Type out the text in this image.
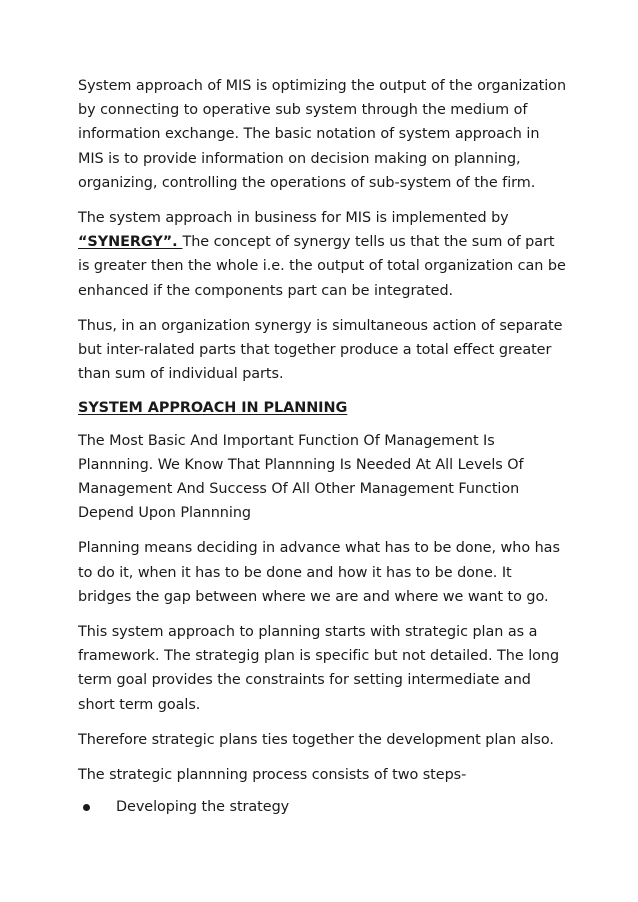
System approach of MIS is optimizing the output of the organization by connecting to operative sub system through the medium of information exchange. The basic notation of system approach in MIS is to provide information on decision making on planning, organizing, controlling the operations of sub-system of the firm.

The system approach in business for MIS is implemented by “SYNERGY”. The concept of synergy tells us that the sum of part is greater then the whole i.e. the output of total organization can be enhanced if the components part can be integrated.

Thus, in an organization synergy is simultaneous action of separate but inter-ralated parts that together produce a total effect greater than sum of individual parts.

SYSTEM APPROACH IN PLANNING

The Most Basic And Important Function Of Management Is Plannning. We Know That Plannning Is Needed At All Levels Of Management And Success Of All Other Management Function Depend Upon Plannning

Planning means deciding in advance what has to be done, who has to do it, when it has to be done and how it has to be done. It bridges the gap between where we are and where we want to go.

This system approach to planning starts with strategic plan as a framework. The strategig plan is specific but not detailed. The long term goal provides the constraints for setting intermediate and short term goals.

Therefore strategic plans ties together the development plan also.

The strategic plannning process consists of two steps-

Developing the strategy
